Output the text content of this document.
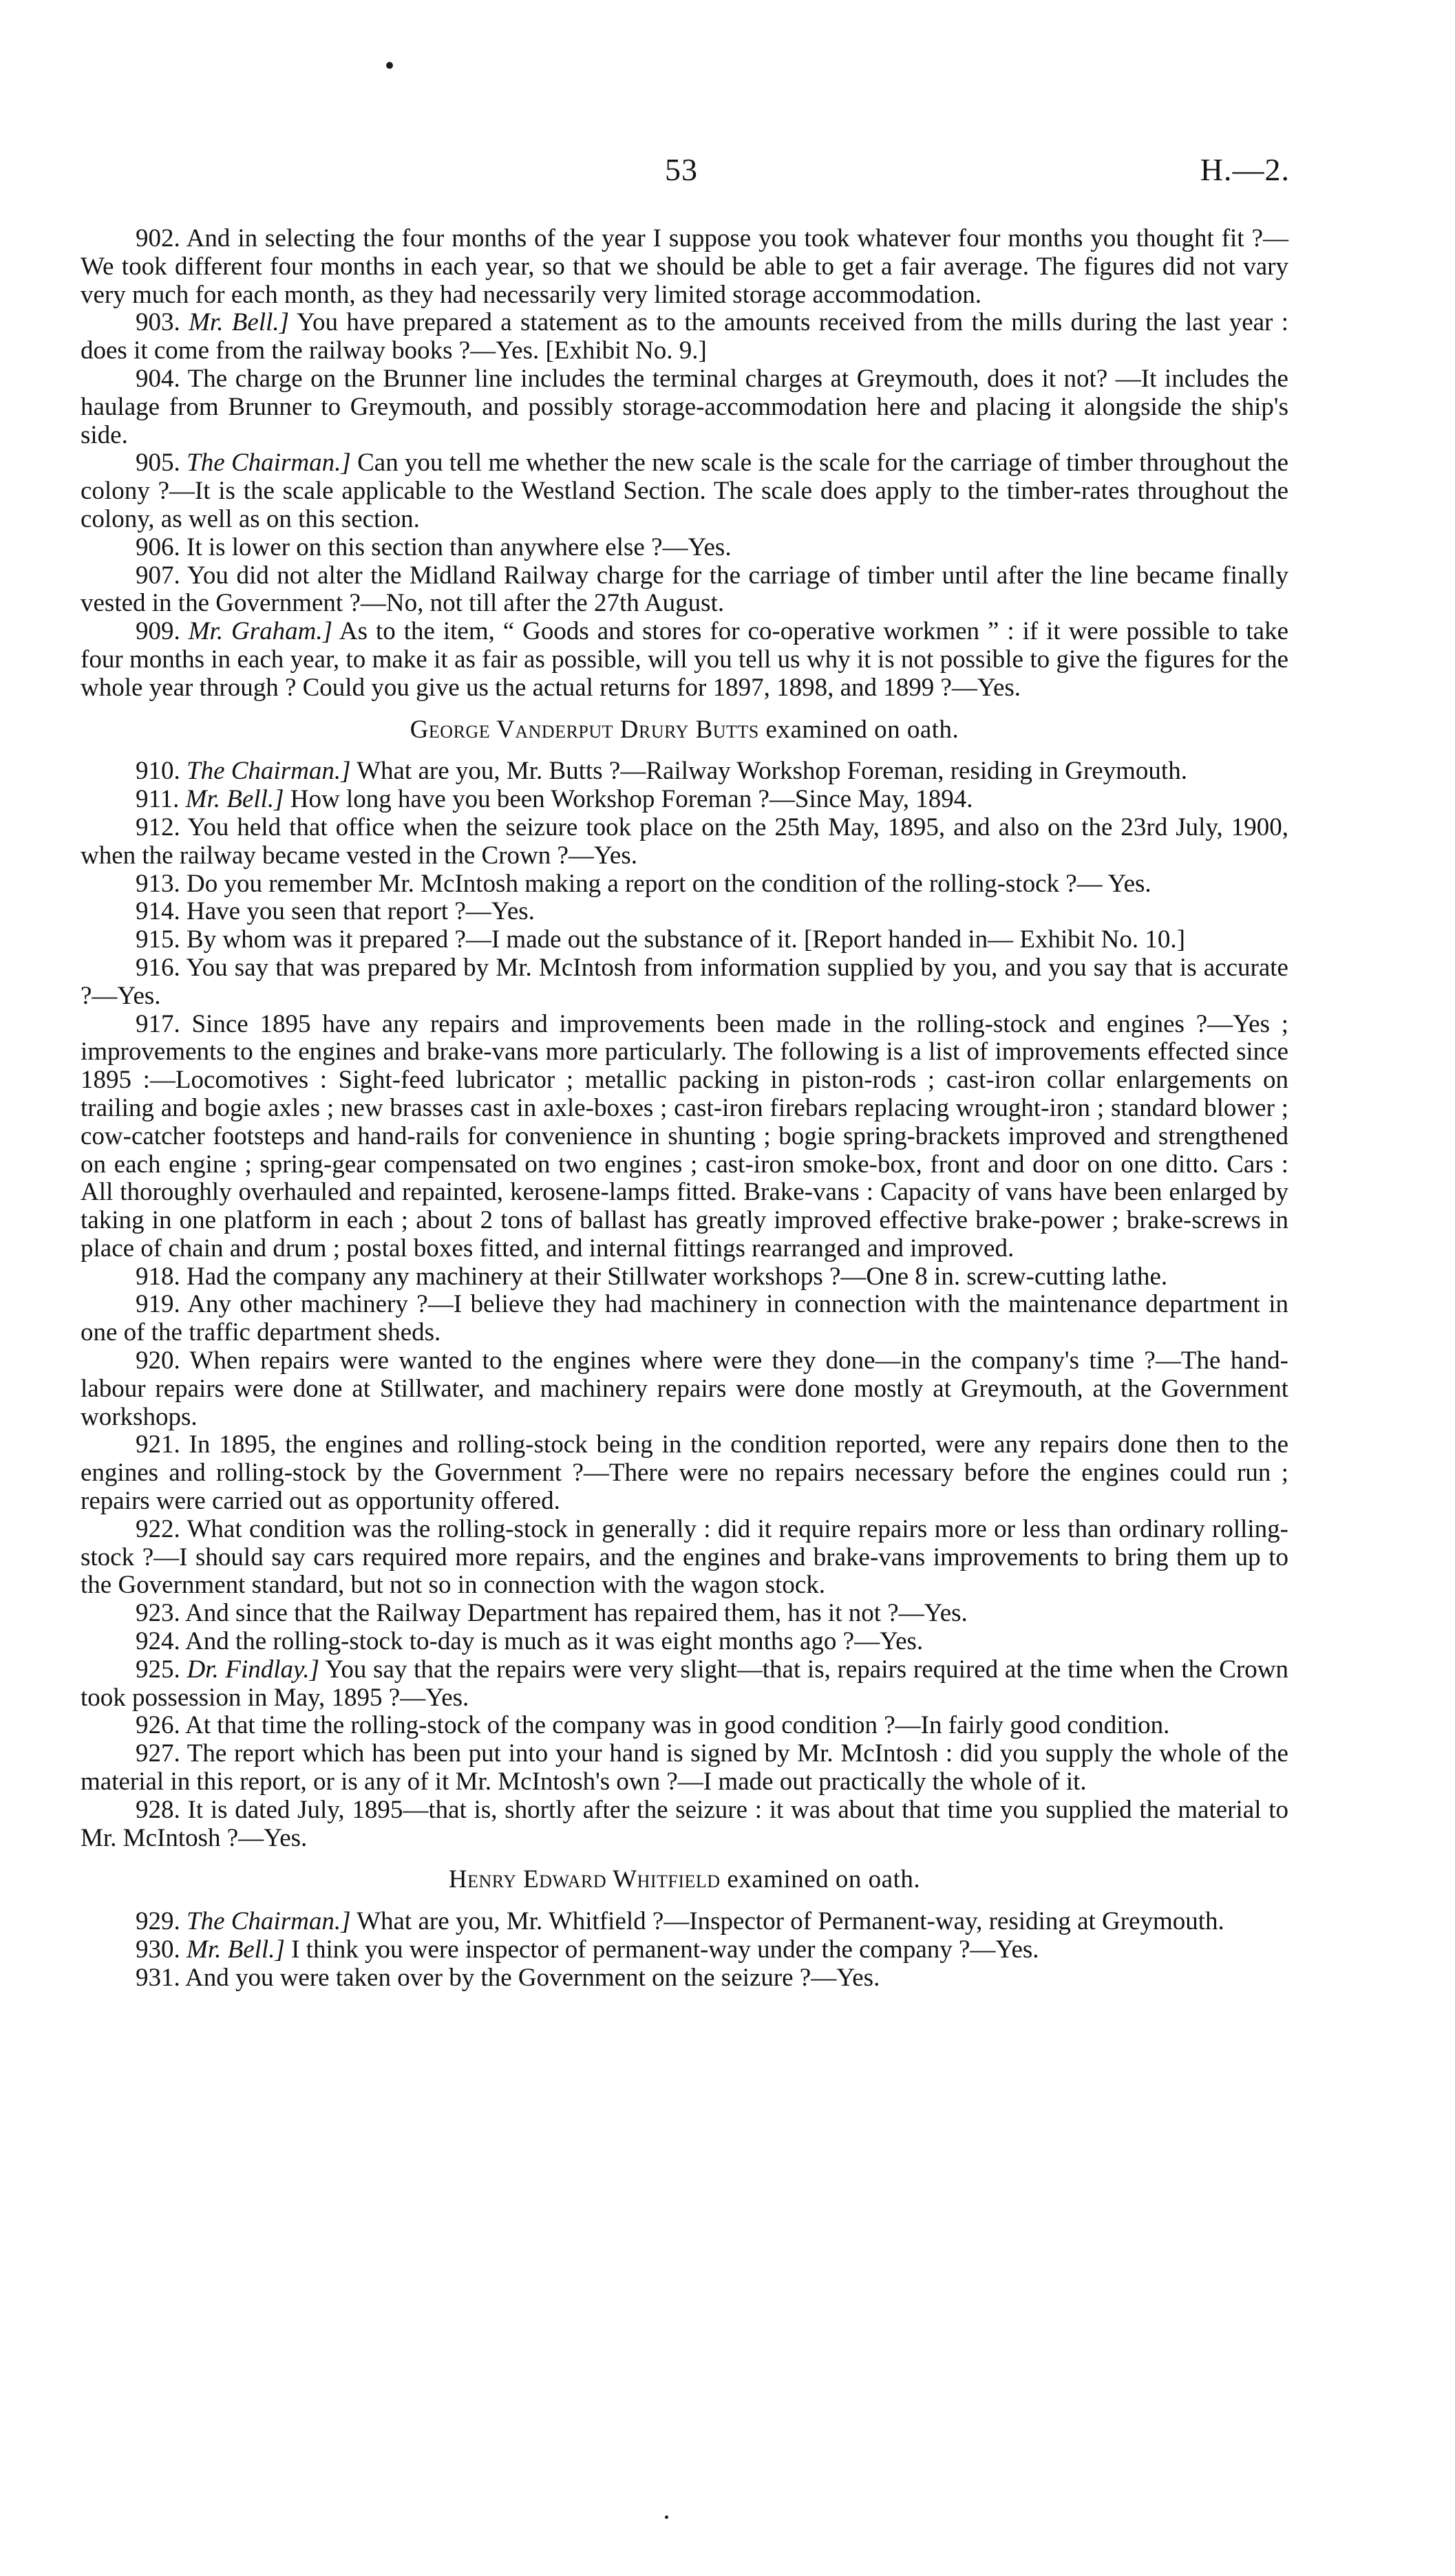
53	H.—2.

902. And in selecting the four months of the year I suppose you took whatever four months you thought fit ?—We took different four months in each year, so that we should be able to get a fair average. The figures did not vary very much for each month, as they had necessarily very limited storage accommodation.

903. Mr. Bell.] You have prepared a statement as to the amounts received from the mills during the last year : does it come from the railway books ?—Yes. [Exhibit No. 9.]

904. The charge on the Brunner line includes the terminal charges at Greymouth, does it not? —It includes the haulage from Brunner to Greymouth, and possibly storage-accommodation here and placing it alongside the ship's side.

905. The Chairman.] Can you tell me whether the new scale is the scale for the carriage of timber throughout the colony ?—It is the scale applicable to the Westland Section. The scale does apply to the timber-rates throughout the colony, as well as on this section.

906. It is lower on this section than anywhere else ?—Yes.

907. You did not alter the Midland Railway charge for the carriage of timber until after the line became finally vested in the Government ?—No, not till after the 27th August.

909. Mr. Graham.] As to the item, “ Goods and stores for co-operative workmen ” : if it were possible to take four months in each year, to make it as fair as possible, will you tell us why it is not possible to give the figures for the whole year through ? Could you give us the actual returns for 1897, 1898, and 1899 ?—Yes.

George Vanderput Drury Butts examined on oath.

910. The Chairman.] What are you, Mr. Butts ?—Railway Workshop Foreman, residing in Greymouth.

911. Mr. Bell.] How long have you been Workshop Foreman ?—Since May, 1894.

912. You held that office when the seizure took place on the 25th May, 1895, and also on the 23rd July, 1900, when the railway became vested in the Crown ?—Yes.

913. Do you remember Mr. McIntosh making a report on the condition of the rolling-stock ?— Yes.

914. Have you seen that report ?—Yes.

915. By whom was it prepared ?—I made out the substance of it. [Report handed in— Exhibit No. 10.]

916. You say that was prepared by Mr. McIntosh from information supplied by you, and you say that is accurate ?—Yes.

917. Since 1895 have any repairs and improvements been made in the rolling-stock and engines ?—Yes ; improvements to the engines and brake-vans more particularly. The following is a list of improvements effected since 1895 :—Locomotives : Sight-feed lubricator ; metallic packing in piston-rods ; cast-iron collar enlargements on trailing and bogie axles ; new brasses cast in axle-boxes ; cast-iron firebars replacing wrought-iron ; standard blower ; cow-catcher footsteps and hand-rails for convenience in shunting ; bogie spring-brackets improved and strengthened on each engine ; spring-gear compensated on two engines ; cast-iron smoke-box, front and door on one ditto. Cars : All thoroughly overhauled and repainted, kerosene-lamps fitted. Brake-vans : Capacity of vans have been enlarged by taking in one platform in each ; about 2 tons of ballast has greatly improved effective brake-power ; brake-screws in place of chain and drum ; postal boxes fitted, and internal fittings rearranged and improved.

918. Had the company any machinery at their Stillwater workshops ?—One 8 in. screw-cutting lathe.

919. Any other machinery ?—I believe they had machinery in connection with the maintenance department in one of the traffic department sheds.

920. When repairs were wanted to the engines where were they done—in the company's time ?—The hand-labour repairs were done at Stillwater, and machinery repairs were done mostly at Greymouth, at the Government workshops.

921. In 1895, the engines and rolling-stock being in the condition reported, were any repairs done then to the engines and rolling-stock by the Government ?—There were no repairs necessary before the engines could run ; repairs were carried out as opportunity offered.

922. What condition was the rolling-stock in generally : did it require repairs more or less than ordinary rolling-stock ?—I should say cars required more repairs, and the engines and brake-vans improvements to bring them up to the Government standard, but not so in connection with the wagon stock.

923. And since that the Railway Department has repaired them, has it not ?—Yes.

924. And the rolling-stock to-day is much as it was eight months ago ?—Yes.

925. Dr. Findlay.] You say that the repairs were very slight—that is, repairs required at the time when the Crown took possession in May, 1895 ?—Yes.

926. At that time the rolling-stock of the company was in good condition ?—In fairly good condition.

927. The report which has been put into your hand is signed by Mr. McIntosh : did you supply the whole of the material in this report, or is any of it Mr. McIntosh's own ?—I made out practically the whole of it.

928. It is dated July, 1895—that is, shortly after the seizure : it was about that time you supplied the material to Mr. McIntosh ?—Yes.

Henry Edward Whitfield examined on oath.

929. The Chairman.] What are you, Mr. Whitfield ?—Inspector of Permanent-way, residing at Greymouth.

930. Mr. Bell.] I think you were inspector of permanent-way under the company ?—Yes.

931. And you were taken over by the Government on the seizure ?—Yes.
